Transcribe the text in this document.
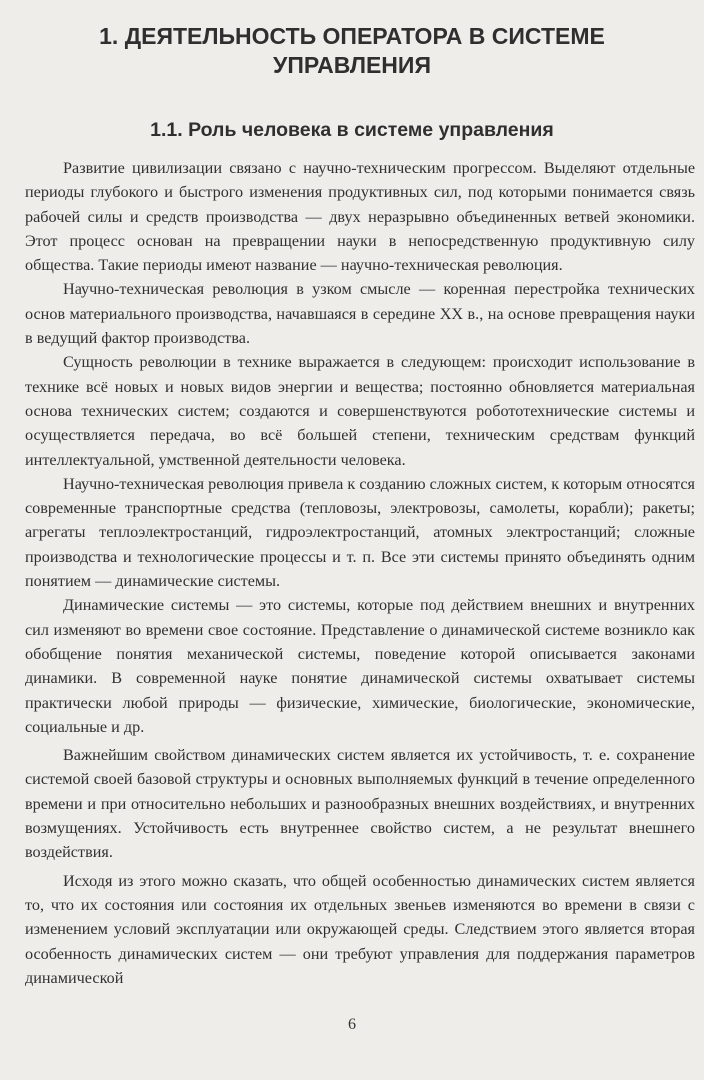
1. ДЕЯТЕЛЬНОСТЬ ОПЕРАТОРА В СИСТЕМЕ
УПРАВЛЕНИЯ
1.1. Роль человека в системе управления

Развитие цивилизации связано с научно-техническим прогрессом. Выделяют отдельные периоды глубокого и быстрого изменения продуктивных сил, под которыми понимается связь рабочей силы и средств производства — двух неразрывно объединенных ветвей экономики. Этот процесс основан на превращении науки в непосредственную продуктивную силу общества. Такие периоды имеют название — научно-техническая революция.

Научно-техническая революция в узком смысле — коренная перестройка технических основ материального производства, начавшаяся в середине XX в., на основе превращения науки в ведущий фактор производства.

Сущность революции в технике выражается в следующем: происходит использование в технике всё новых и новых видов энергии и вещества; постоянно обновляется материальная основа технических систем; создаются и совершенствуются робототехнические системы и осуществляется передача, во всё большей степени, техническим средствам функций интеллектуальной, умственной деятельности человека.

Научно-техническая революция привела к созданию сложных систем, к которым относятся современные транспортные средства (тепловозы, электровозы, самолеты, корабли); ракеты; агрегаты теплоэлектростанций, гидроэлектростанций, атомных электростанций; сложные производства и технологические процессы и т. п. Все эти системы принято объединять одним понятием — динамические системы.

Динамические системы — это системы, которые под действием внешних и внутренних сил изменяют во времени свое состояние. Представление о динамической системе возникло как обобщение понятия механической системы, поведение которой описывается законами динамики. В современной науке понятие динамической системы охватывает системы практически любой природы — физические, химические, биологические, экономические, социальные и др.

Важнейшим свойством динамических систем является их устойчивость, т. е. сохранение системой своей базовой структуры и основных выполняемых функций в течение определенного времени и при относительно небольших и разнообразных внешних воздействиях, и внутренних возмущениях. Устойчивость есть внутреннее свойство систем, а не результат внешнего воздействия.

Исходя из этого можно сказать, что общей особенностью динамических систем является то, что их состояния или состояния их отдельных звеньев изменяются во времени в связи с изменением условий эксплуатации или окружающей среды. Следствием этого является вторая особенность динамических систем — они требуют управления для поддержания параметров динамической

6
